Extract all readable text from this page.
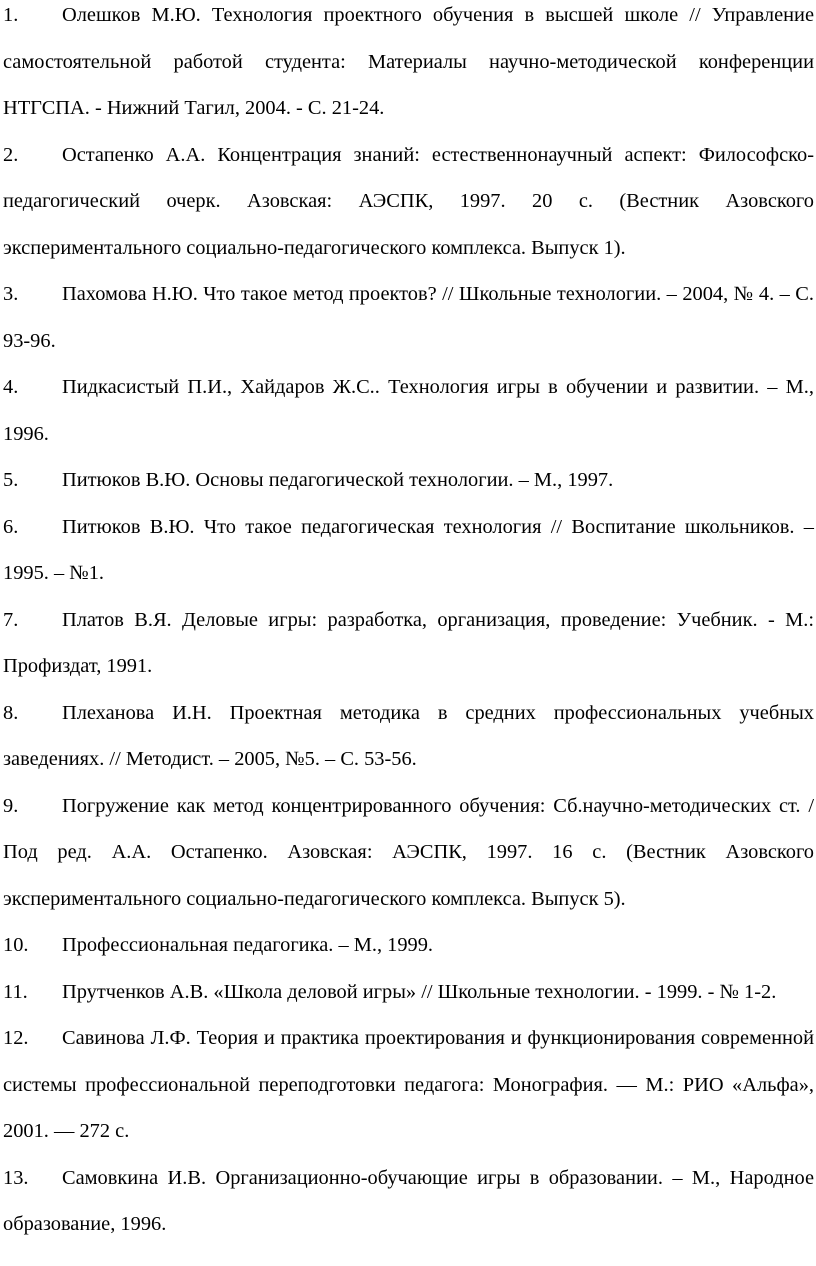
1. Олешков М.Ю. Технология проектного обучения в высшей школе // Управление самостоятельной работой студента: Материалы научно-методической конференции НТГСПА. - Нижний Тагил, 2004. - С. 21-24.
2. Остапенко А.А. Концентрация знаний: естественнонаучный аспект: Философско-педагогический очерк. Азовская: АЭСПК, 1997. 20 с. (Вестник Азовского экспериментального социально-педагогического комплекса. Выпуск 1).
3. Пахомова Н.Ю. Что такое метод проектов? // Школьные технологии. – 2004, № 4. – С. 93-96.
4. Пидкасистый П.И., Хайдаров Ж.С.. Технология игры в обучении и развитии. – М., 1996.
5. Питюков В.Ю. Основы педагогической технологии. – М., 1997.
6. Питюков В.Ю. Что такое педагогическая технология // Воспитание школьников. – 1995. – №1.
7. Платов В.Я. Деловые игры: разработка, организация, проведение: Учебник. - М.: Профиздат, 1991.
8. Плеханова И.Н. Проектная методика в средних профессиональных учебных заведениях. // Методист. – 2005, №5. – С. 53-56.
9. Погружение как метод концентрированного обучения: Сб.научно-методических ст. / Под ред. А.А. Остапенко. Азовская: АЭСПК, 1997. 16 с. (Вестник Азовского экспериментального социально-педагогического комплекса. Выпуск 5).
10. Профессиональная педагогика. – М., 1999.
11. Прутченков А.В. «Школа деловой игры» // Школьные технологии. - 1999. - № 1-2.
12. Савинова Л.Ф. Теория и практика проектирования и функционирования современной системы профессиональной переподготовки педагога: Монография. — М.: РИО «Альфа», 2001. — 272 с.
13. Самовкина И.В. Организационно-обучающие игры в образовании. – М., Народное образование, 1996.
